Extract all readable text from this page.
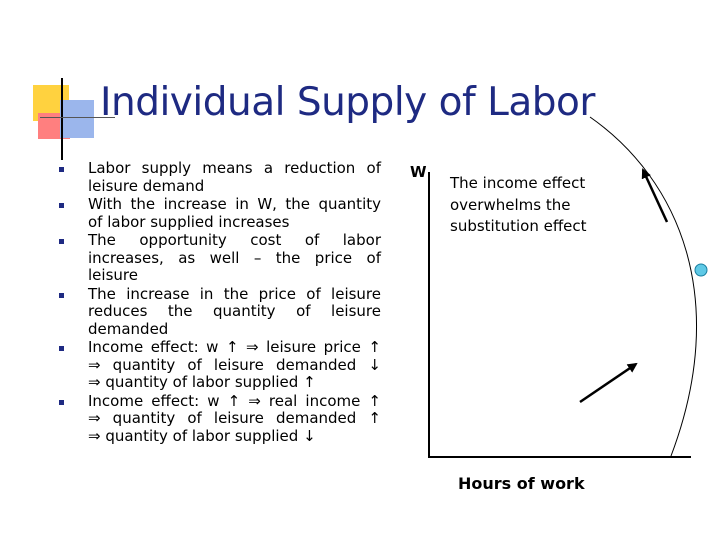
Individual Supply of Labor
Labor supply means a reduction of
leisure demand
With the increase in W, the quantity
of labor supplied increases
The opportunity cost of labor
increases, as well – the price of
leisure
The increase in the price of leisure
reduces the quantity of leisure
demanded
Income effect: w ↑ ⇒ leisure price ↑
⇒ quantity of leisure demanded ↓
⇒ quantity of labor supplied ↑
Income effect: w ↑ ⇒ real income ↑
⇒ quantity of leisure demanded ↑
⇒ quantity of labor supplied ↓
W
Hours of work
The income effect overwhelms the substitution effect
